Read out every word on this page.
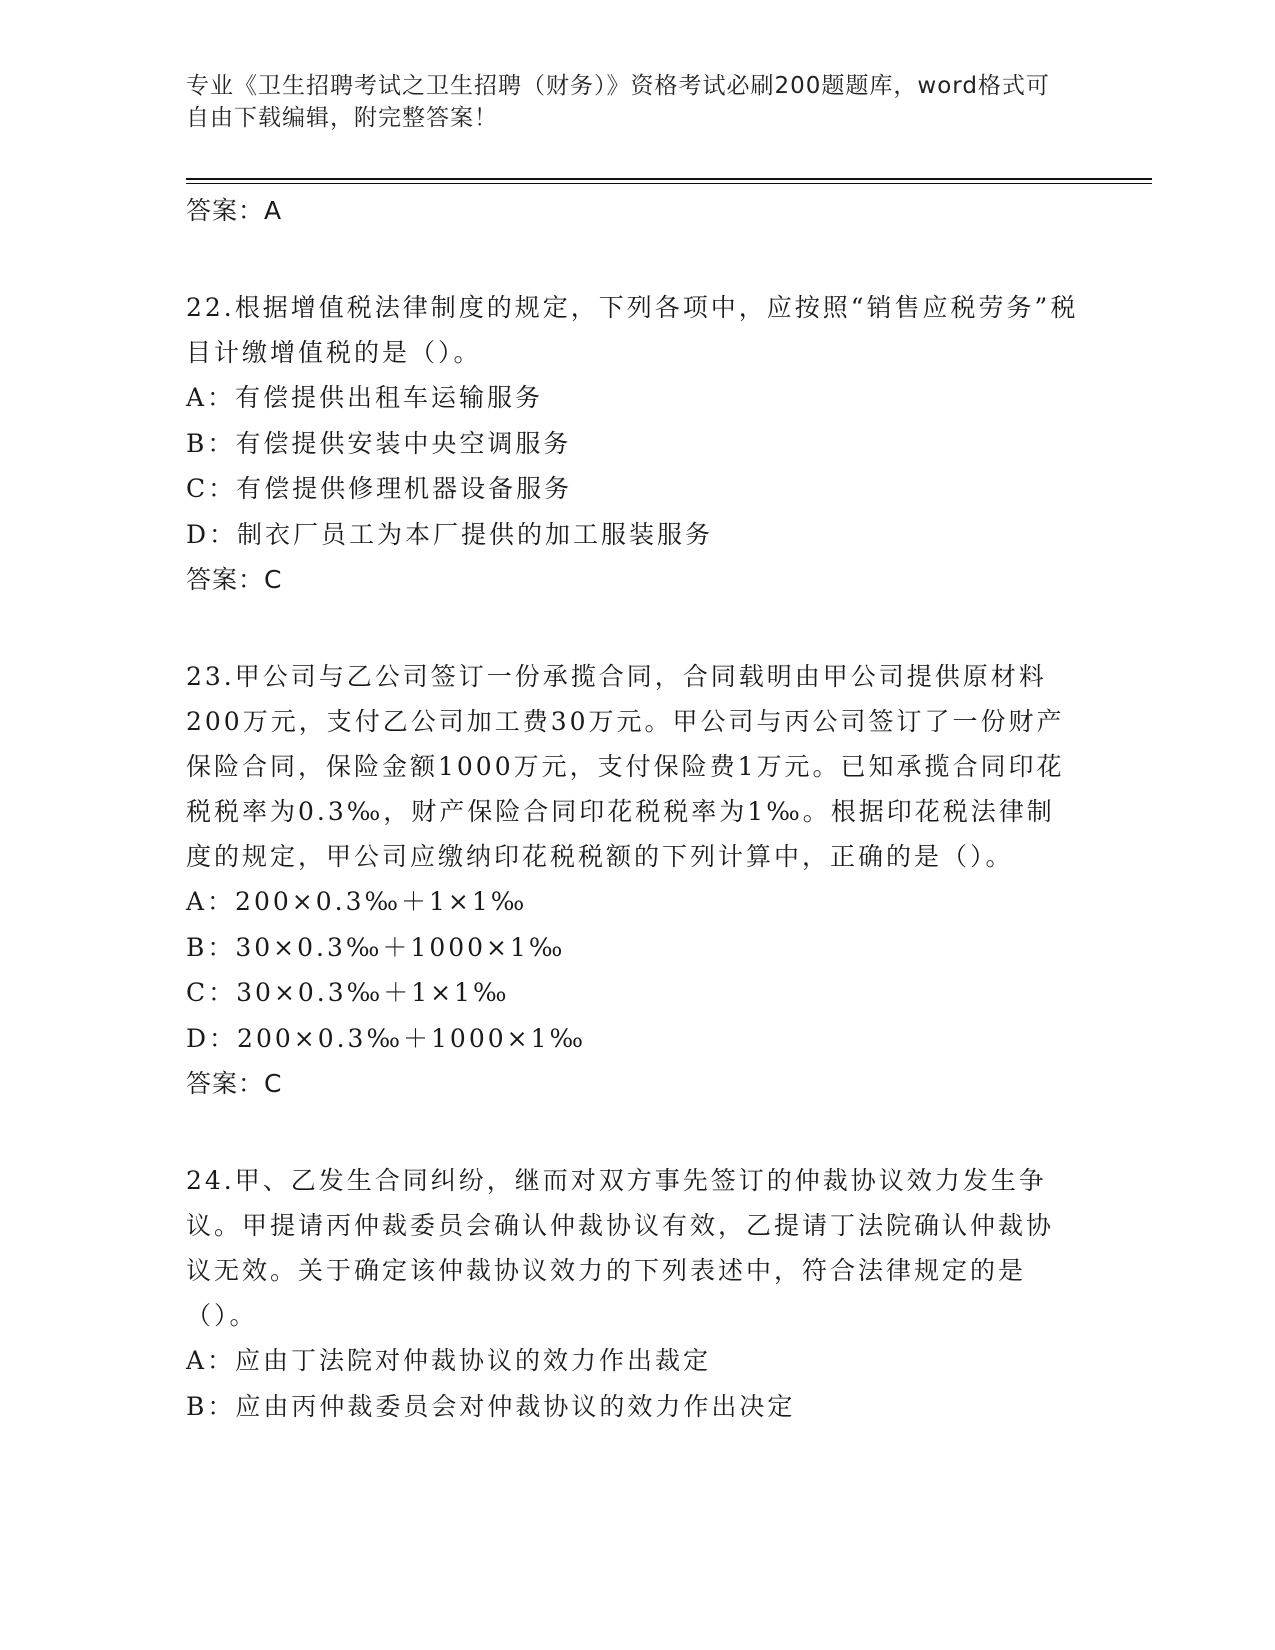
专业《卫生招聘考试之卫生招聘（财务）》资格考试必刷200题题库，word格式可自由下载编辑，附完整答案！
答案：A
22.根据增值税法律制度的规定，下列各项中，应按照“销售应税劳务”税目计缴增值税的是（）。
A：有偿提供出租车运输服务
B：有偿提供安装中央空调服务
C：有偿提供修理机器设备服务
D：制衣厂员工为本厂提供的加工服装服务
答案：C
23.甲公司与乙公司签订一份承揽合同，合同载明由甲公司提供原材料200万元，支付乙公司加工费30万元。甲公司与丙公司签订了一份财产保险合同，保险金额1000万元，支付保险费1万元。已知承揽合同印花税税率为0.3‰，财产保险合同印花税税率为1‰。根据印花税法律制度的规定，甲公司应缴纳印花税税额的下列计算中，正确的是（）。
A：200×0.3‰＋1×1‰
B：30×0.3‰＋1000×1‰
C：30×0.3‰＋1×1‰
D：200×0.3‰＋1000×1‰
答案：C
24.甲、乙发生合同纠纷，继而对双方事先签订的仲裁协议效力发生争议。甲提请丙仲裁委员会确认仲裁协议有效，乙提请丁法院确认仲裁协议无效。关于确定该仲裁协议效力的下列表述中，符合法律规定的是（）。
A：应由丁法院对仲裁协议的效力作出裁定
B：应由丙仲裁委员会对仲裁协议的效力作出决定
